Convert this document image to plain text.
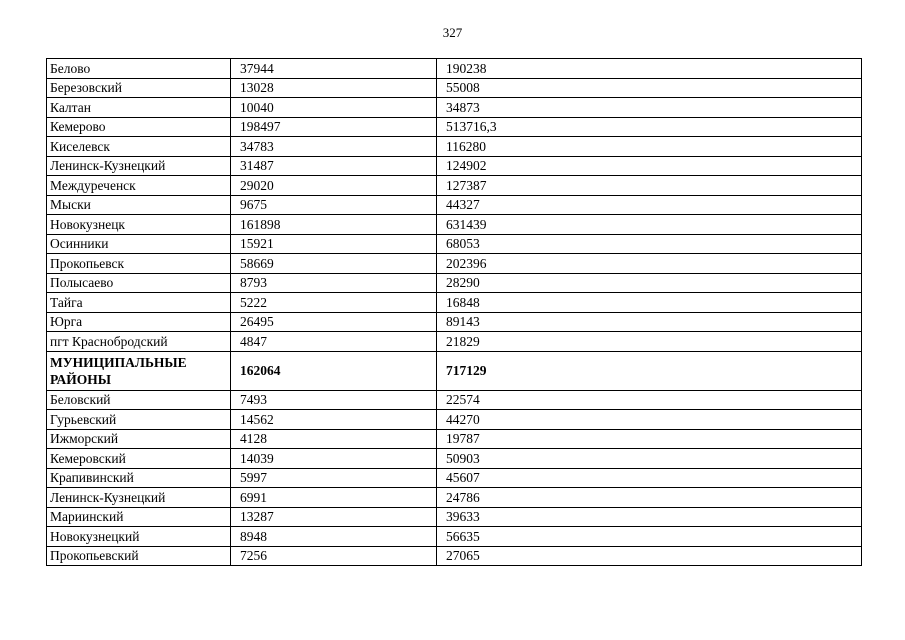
327
Белово	37944	190238
Березовский	13028	55008
Калтан	10040	34873
Кемерово	198497	513716,3
Киселевск	34783	116280
Ленинск-Кузнецкий	31487	124902
Междуреченск	29020	127387
Мыски	9675	44327
Новокузнецк	161898	631439
Осинники	15921	68053
Прокопьевск	58669	202396
Полысаево	8793	28290
Тайга	5222	16848
Юрга	26495	89143
пгт Краснобродский	4847	21829
МУНИЦИПАЛЬНЫЕ РАЙОНЫ	162064	717129
Беловский	7493	22574
Гурьевский	14562	44270
Ижморский	4128	19787
Кемеровский	14039	50903
Крапивинский	5997	45607
Ленинск-Кузнецкий	6991	24786
Мариинский	13287	39633
Новокузнецкий	8948	56635
Прокопьевский	7256	27065
